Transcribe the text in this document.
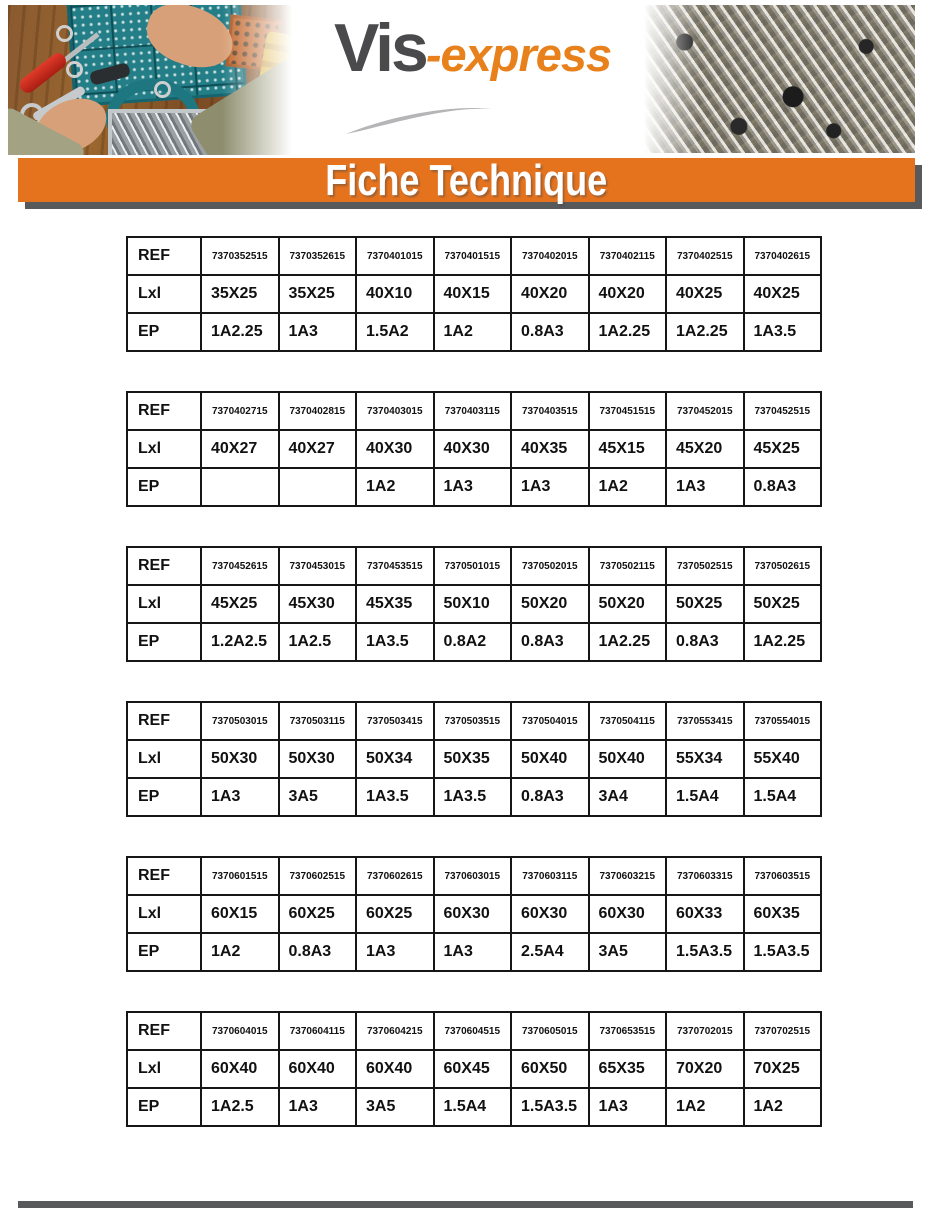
Vis -express
Fiche Technique
REF	7370352515	7370352615	7370401015	7370401515	7370402015	7370402115	7370402515	7370402615
Lxl	35X25	35X25	40X10	40X15	40X20	40X20	40X25	40X25
EP	1A2.25	1A3	1.5A2	1A2	0.8A3	1A2.25	1A2.25	1A3.5
REF	7370402715	7370402815	7370403015	7370403115	7370403515	7370451515	7370452015	7370452515
Lxl	40X27	40X27	40X30	40X30	40X35	45X15	45X20	45X25
EP			1A2	1A3	1A3	1A2	1A3	0.8A3
REF	7370452615	7370453015	7370453515	7370501015	7370502015	7370502115	7370502515	7370502615
Lxl	45X25	45X30	45X35	50X10	50X20	50X20	50X25	50X25
EP	1.2A2.5	1A2.5	1A3.5	0.8A2	0.8A3	1A2.25	0.8A3	1A2.25
REF	7370503015	7370503115	7370503415	7370503515	7370504015	7370504115	7370553415	7370554015
Lxl	50X30	50X30	50X34	50X35	50X40	50X40	55X34	55X40
EP	1A3	3A5	1A3.5	1A3.5	0.8A3	3A4	1.5A4	1.5A4
REF	7370601515	7370602515	7370602615	7370603015	7370603115	7370603215	7370603315	7370603515
Lxl	60X15	60X25	60X25	60X30	60X30	60X30	60X33	60X35
EP	1A2	0.8A3	1A3	1A3	2.5A4	3A5	1.5A3.5	1.5A3.5
REF	7370604015	7370604115	7370604215	7370604515	7370605015	7370653515	7370702015	7370702515
Lxl	60X40	60X40	60X40	60X45	60X50	65X35	70X20	70X25
EP	1A2.5	1A3	3A5	1.5A4	1.5A3.5	1A3	1A2	1A2
